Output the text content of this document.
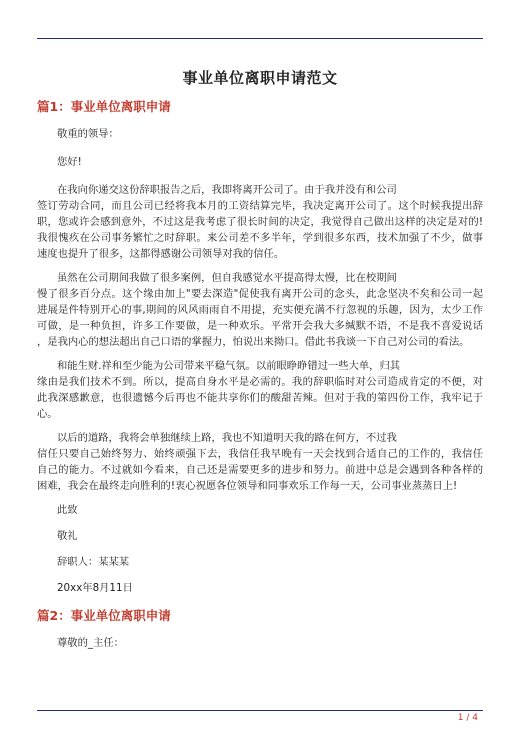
事业单位离职申请范文
篇1：事业单位离职申请
敬重的领导：
您好!
在我向你递交这份辞职报告之后，我即将离开公司了。由于我并没有和公司
签订劳动合同，而且公司已经将我本月的工资结算完毕，我决定离开公司了。这个时候我提出辞
职，您或许会感到意外，不过这是我考虑了很长时间的决定，我觉得自己做出这样的决定是对的!
我很愧疚在公司事务繁忙之时辞职。来公司差不多半年，学到很多东西，技术加强了不少，做事
速度也提升了很多，这都得感谢公司领导对我的信任。
虽然在公司期间我做了很多案例，但自我感觉水平提高得太慢，比在校期间
慢了很多百分点。这个缘由加上"要去深造"促使我有离开公司的念头，此念坚决不矣和公司一起
进展是件特别开心的事,期间的风风雨雨自不用提，充实便充满不行忽视的乐趣，因为，太少工作
可做，是一种负担，许多工作要做，是一种欢乐。平常开会我大多缄默不语，不是我不喜爱说话
，是我内心的想法超出自己口语的掌握力，怕说出来拗口。借此书我谈一下自己对公司的看法。
和能生财.祥和至少能为公司带来平稳气氛。以前眼睁睁错过一些大单，归其
缘由是我们技术不到。所以，提高自身水平是必需的。我的辞职临时对公司造成肯定的不便，对
此我深感歉意，也很遗憾今后再也不能共享你们的酸甜苦辣。但对于我的第四份工作，我牢记于
心。
以后的道路，我将会单独继续上路，我也不知道明天我的路在何方，不过我
信任只要自己始终努力、始终顽强下去，我信任我早晚有一天会找到合适自己的工作的，我信任
自己的能力。不过就如今看来，自己还是需要更多的进步和努力。前进中总是会遇到各种各样的
困难，我会在最终走向胜利的!衷心祝愿各位领导和同事欢乐工作每一天，公司事业蒸蒸日上!
此致
敬礼
辞职人：某某某
20xx年8月11日
篇2：事业单位离职申请
尊敬的_主任：
1 / 4
